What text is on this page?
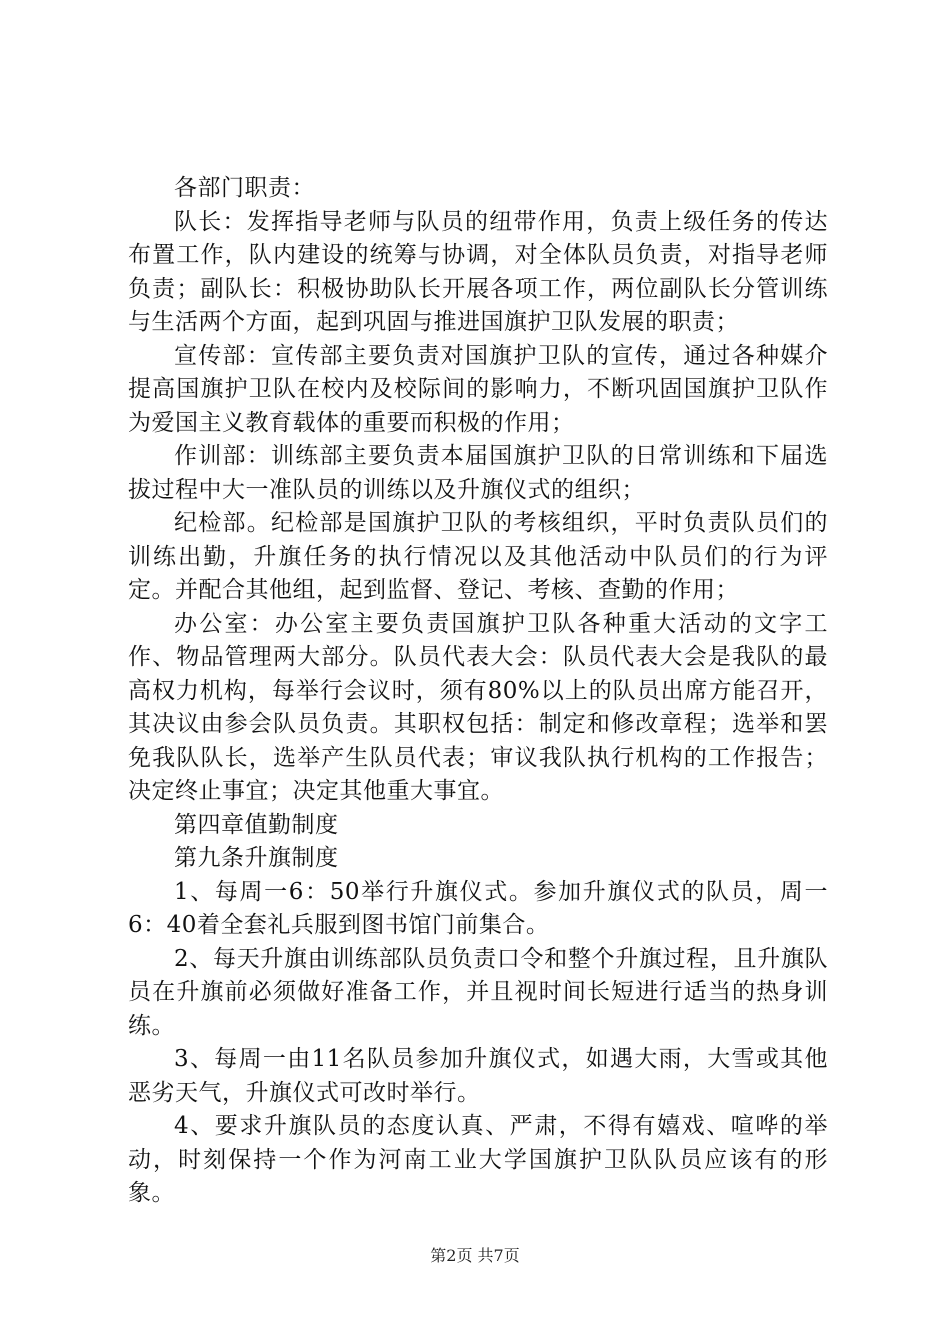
各部门职责：

队长：发挥指导老师与队员的纽带作用，负责上级任务的传达布置工作，队内建设的统筹与协调，对全体队员负责，对指导老师负责；副队长：积极协助队长开展各项工作，两位副队长分管训练与生活两个方面，起到巩固与推进国旗护卫队发展的职责；

宣传部：宣传部主要负责对国旗护卫队的宣传，通过各种媒介提高国旗护卫队在校内及校际间的影响力，不断巩固国旗护卫队作为爱国主义教育载体的重要而积极的作用；

作训部：训练部主要负责本届国旗护卫队的日常训练和下届选拔过程中大一准队员的训练以及升旗仪式的组织；

纪检部。纪检部是国旗护卫队的考核组织，平时负责队员们的训练出勤，升旗任务的执行情况以及其他活动中队员们的行为评定。并配合其他组，起到监督、登记、考核、查勤的作用；

办公室：办公室主要负责国旗护卫队各种重大活动的文字工作、物品管理两大部分。队员代表大会：队员代表大会是我队的最高权力机构，每举行会议时，须有80%以上的队员出席方能召开，其决议由参会队员负责。其职权包括：制定和修改章程；选举和罢免我队队长，选举产生队员代表；审议我队执行机构的工作报告；决定终止事宜；决定其他重大事宜。

第四章值勤制度

第九条升旗制度

1、每周一6：50举行升旗仪式。参加升旗仪式的队员，周一6：40着全套礼兵服到图书馆门前集合。

2、每天升旗由训练部队员负责口令和整个升旗过程，且升旗队员在升旗前必须做好准备工作，并且视时间长短进行适当的热身训练。

3、每周一由11名队员参加升旗仪式，如遇大雨，大雪或其他恶劣天气，升旗仪式可改时举行。

4、要求升旗队员的态度认真、严肃，不得有嬉戏、喧哗的举动，时刻保持一个作为河南工业大学国旗护卫队队员应该有的形象。

第2页 共7页
